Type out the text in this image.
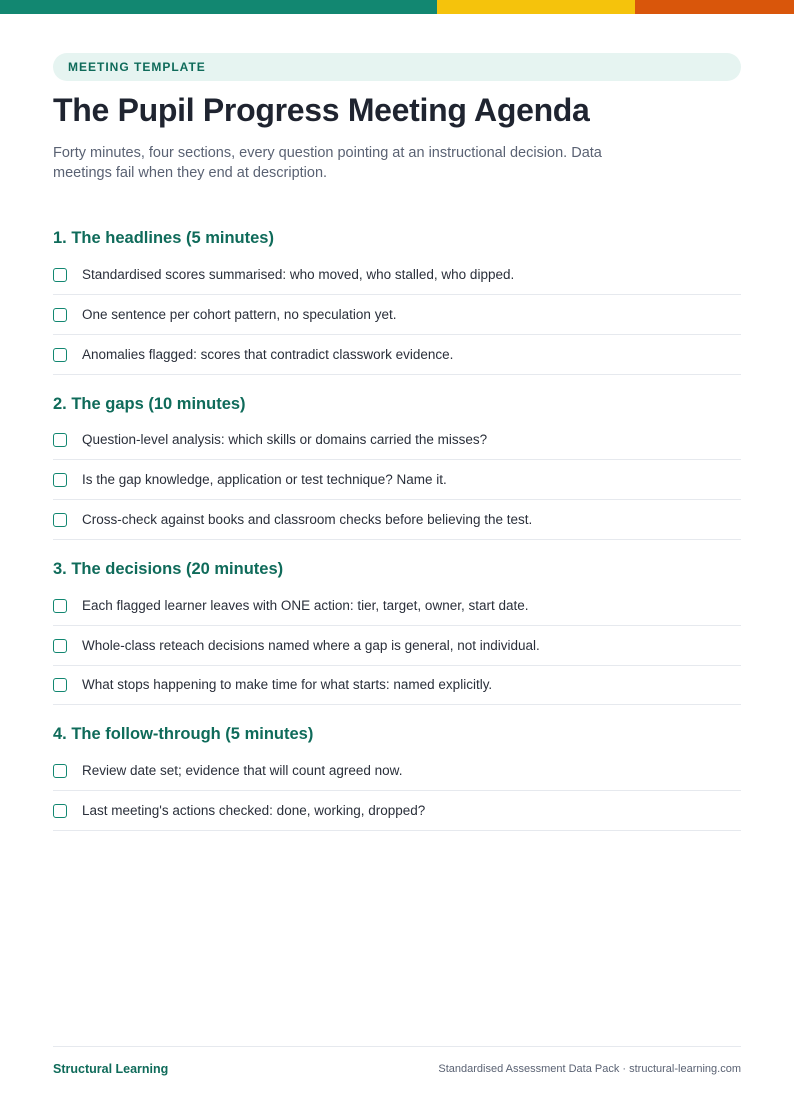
MEETING TEMPLATE
The Pupil Progress Meeting Agenda

Forty minutes, four sections, every question pointing at an instructional decision. Data meetings fail when they end at description.

1. The headlines (5 minutes)
Standardised scores summarised: who moved, who stalled, who dipped.
One sentence per cohort pattern, no speculation yet.
Anomalies flagged: scores that contradict classwork evidence.
2. The gaps (10 minutes)
Question-level analysis: which skills or domains carried the misses?
Is the gap knowledge, application or test technique? Name it.
Cross-check against books and classroom checks before believing the test.
3. The decisions (20 minutes)
Each flagged learner leaves with ONE action: tier, target, owner, start date.
Whole-class reteach decisions named where a gap is general, not individual.
What stops happening to make time for what starts: named explicitly.
4. The follow-through (5 minutes)
Review date set; evidence that will count agreed now.
Last meeting's actions checked: done, working, dropped?
Structural Learning	Standardised Assessment Data Pack · structural-learning.com
